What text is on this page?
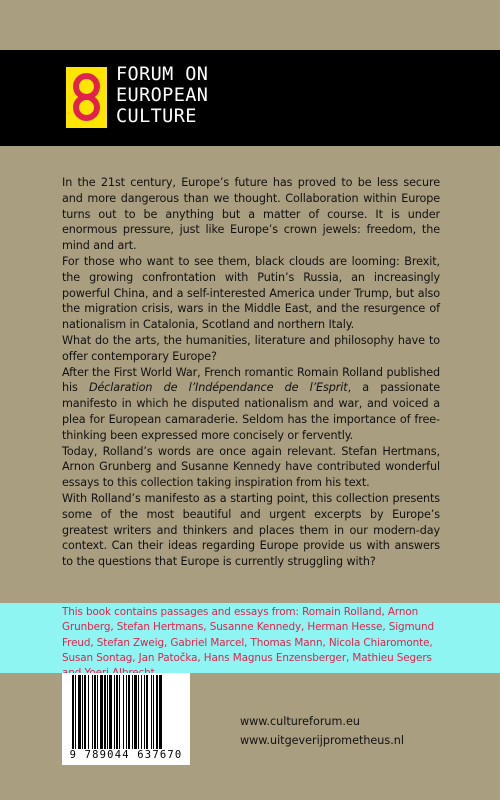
FORUM ON
EUROPEAN
CULTURE

In the 21st century, Europe’s future has proved to be less secure and more dangerous than we thought. Collaboration within Europe turns out to be anything but a matter of course. It is under enormous pressure, just like Europe’s crown jewels: freedom, the mind and art.

For those who want to see them, black clouds are looming: Brexit, the growing confrontation with Putin’s Russia, an increasingly powerful China, and a self-interested America under Trump, but also the migration crisis, wars in the Middle East, and the resurgence of nationalism in Catalonia, Scotland and northern Italy.

What do the arts, the humanities, literature and philosophy have to offer contemporary Europe?

After the First World War, French romantic Romain Rolland published his Déclaration de l’Indépendance de l’Esprit, a passionate manifesto in which he disputed nationalism and war, and voiced a plea for European camaraderie. Seldom has the importance of free-thinking been expressed more concisely or fervently.

Today, Rolland’s words are once again relevant. Stefan Hertmans, Arnon Grunberg and Susanne Kennedy have contributed wonderful essays to this collection taking inspiration from his text.

With Rolland’s manifesto as a starting point, this collection presents some of the most beautiful and urgent excerpts by Europe’s greatest writers and thinkers and places them in our modern-day context. Can their ideas regarding Europe provide us with answers to the questions that Europe is currently struggling with?

This book contains passages and essays from: Romain Rolland, Arnon Grunberg, Stefan Hertmans, Susanne Kennedy, Herman Hesse, Sigmund Freud, Stefan Zweig, Gabriel Marcel, Thomas Mann, Nicola Chiaromonte, Susan Sontag, Jan Patočka, Hans Magnus Enzensberger, Mathieu Segers
9 789044 637670
www.cultureforum.eu
www.uitgeverijprometheus.nl
